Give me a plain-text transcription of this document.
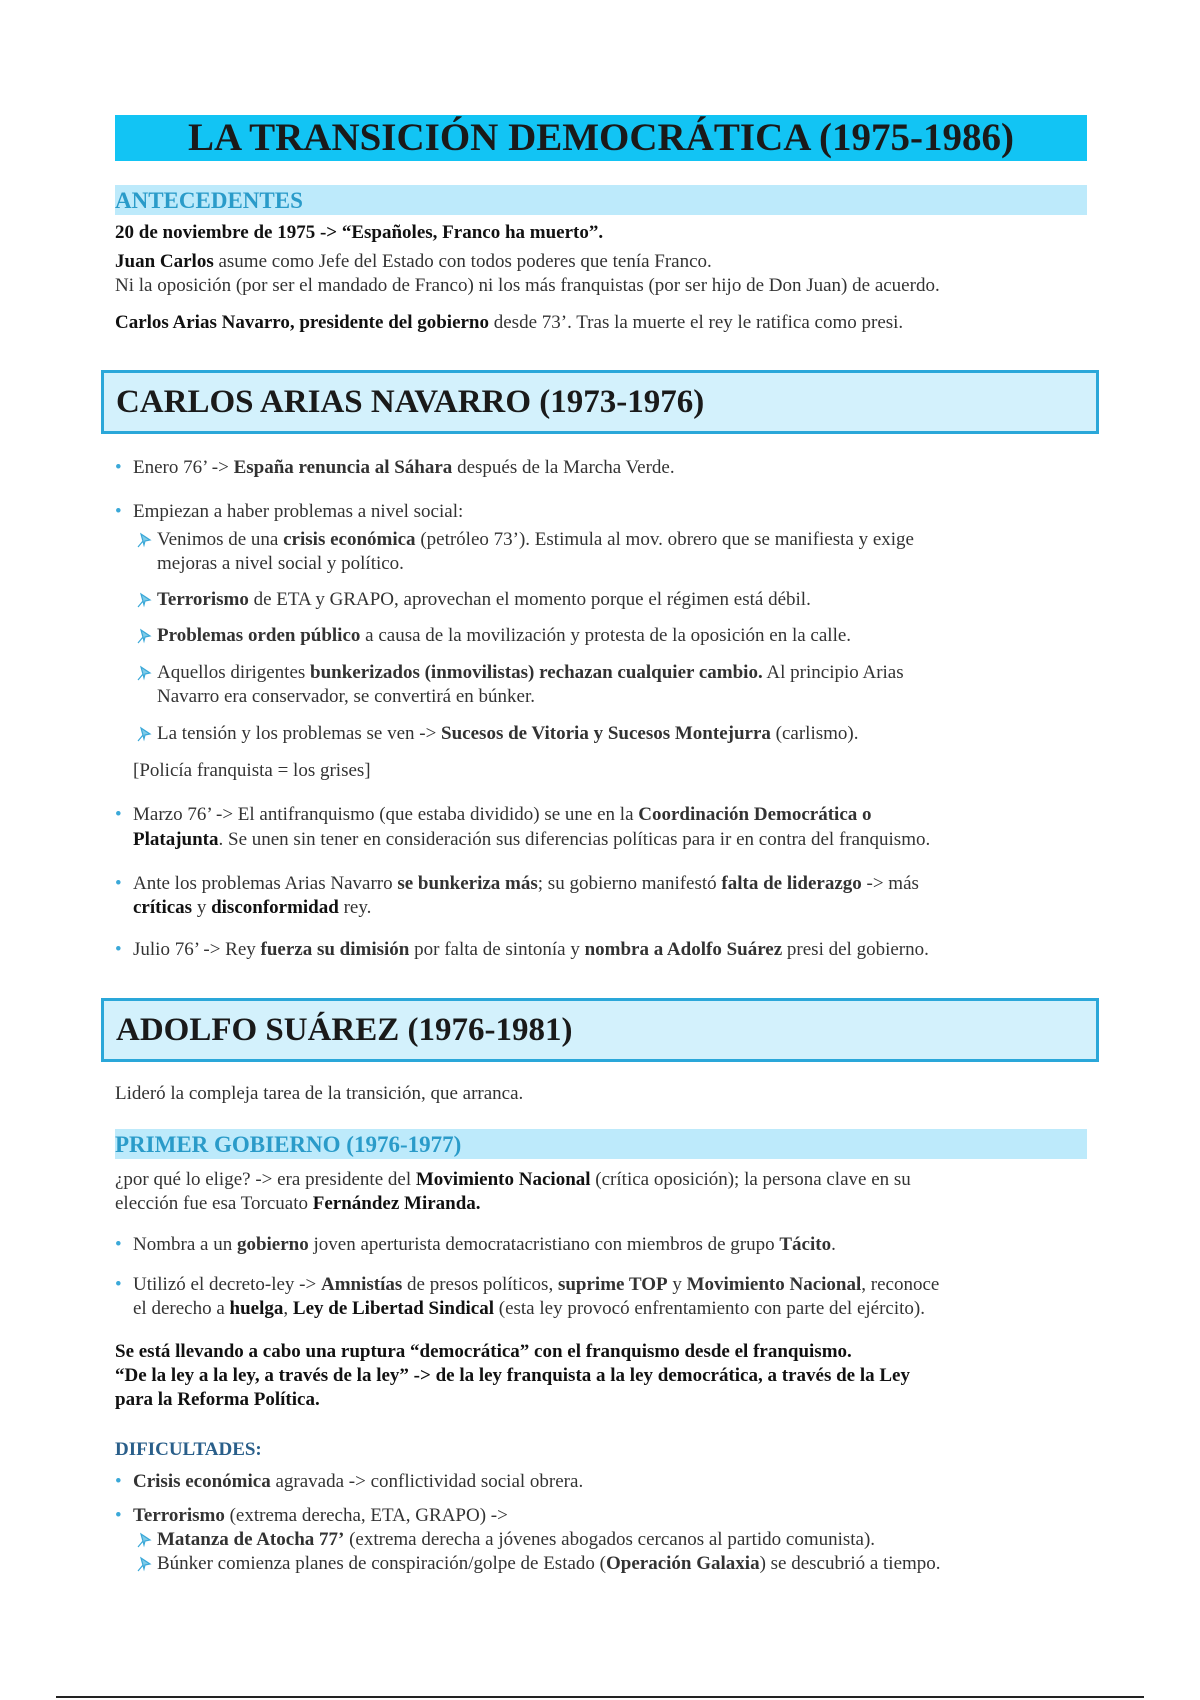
LA TRANSICIÓN DEMOCRÁTICA (1975-1986)
ANTECEDENTES
20 de noviembre de 1975 -> “Españoles, Franco ha muerto”.
Juan Carlos asume como Jefe del Estado con todos poderes que tenía Franco.
Ni la oposición (por ser el mandado de Franco) ni los más franquistas (por ser hijo de Don Juan) de acuerdo.
Carlos Arias Navarro, presidente del gobierno desde 73’. Tras la muerte el rey le ratifica como presi.
CARLOS ARIAS NAVARRO (1973-1976)
• Enero 76’ -> España renuncia al Sáhara después de la Marcha Verde.
• Empiezan a haber problemas a nivel social:
Venimos de una crisis económica (petróleo 73’). Estimula al mov. obrero que se manifiesta y exige
mejoras a nivel social y político.
Terrorismo de ETA y GRAPO, aprovechan el momento porque el régimen está débil.
Problemas orden público a causa de la movilización y protesta de la oposición en la calle.
Aquellos dirigentes bunkerizados (inmovilistas) rechazan cualquier cambio. Al principio Arias
Navarro era conservador, se convertirá en búnker.
La tensión y los problemas se ven -> Sucesos de Vitoria y Sucesos Montejurra (carlismo).
[Policía franquista = los grises]
• Marzo 76’ -> El antifranquismo (que estaba dividido) se une en la Coordinación Democrática o
Platajunta. Se unen sin tener en consideración sus diferencias políticas para ir en contra del franquismo.
• Ante los problemas Arias Navarro se bunkeriza más; su gobierno manifestó falta de liderazgo -> más
críticas y disconformidad rey.
• Julio 76’ -> Rey fuerza su dimisión por falta de sintonía y nombra a Adolfo Suárez presi del gobierno.
ADOLFO SUÁREZ (1976-1981)
Lideró la compleja tarea de la transición, que arranca.
PRIMER GOBIERNO (1976-1977)
¿por qué lo elige? -> era presidente del Movimiento Nacional (crítica oposición); la persona clave en su
elección fue esa Torcuato Fernández Miranda.
• Nombra a un gobierno joven aperturista democratacristiano con miembros de grupo Tácito.
• Utilizó el decreto-ley -> Amnistías de presos políticos, suprime TOP y Movimiento Nacional, reconoce
el derecho a huelga, Ley de Libertad Sindical (esta ley provocó enfrentamiento con parte del ejército).
Se está llevando a cabo una ruptura “democrática” con el franquismo desde el franquismo.
“De la ley a la ley, a través de la ley” -> de la ley franquista a la ley democrática, a través de la Ley
para la Reforma Política.
DIFICULTADES:
• Crisis económica agravada -> conflictividad social obrera.
• Terrorismo (extrema derecha, ETA, GRAPO) ->
Matanza de Atocha 77’ (extrema derecha a jóvenes abogados cercanos al partido comunista).
Búnker comienza planes de conspiración/golpe de Estado (Operación Galaxia) se descubrió a tiempo.
